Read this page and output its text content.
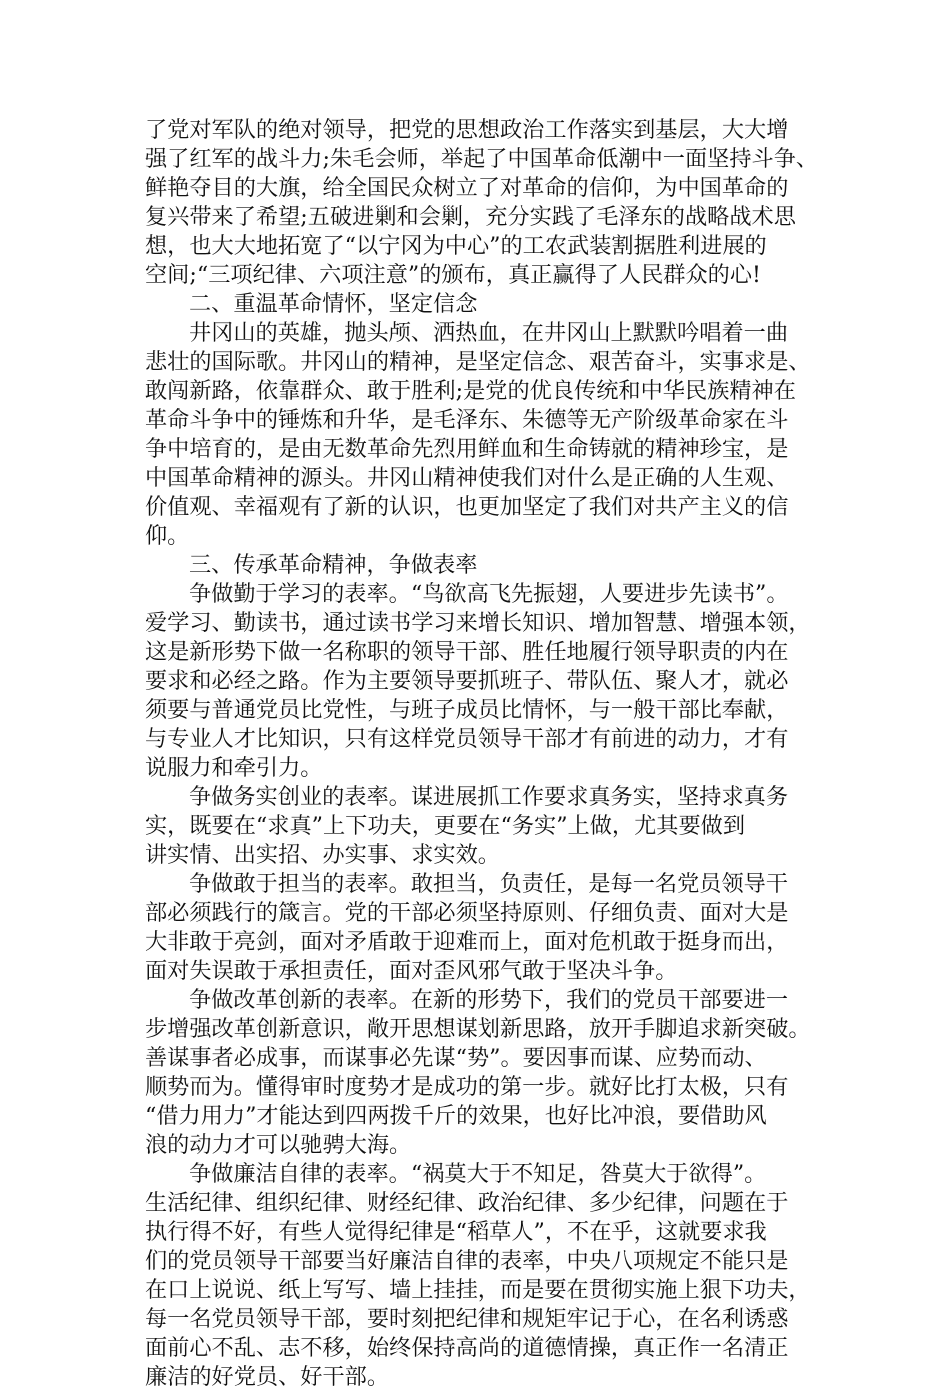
了党对军队的绝对领导，把党的思想政治工作落实到基层，大大增
强了红军的战斗力;朱毛会师，举起了中国革命低潮中一面坚持斗争、
鲜艳夺目的大旗，给全国民众树立了对革命的信仰，为中国革命的
复兴带来了希望;五破进剿和会剿，充分实践了毛泽东的战略战术思
想，也大大地拓宽了“以宁冈为中心”的工农武装割据胜利进展的
空间;“三项纪律、六项注意”的颁布，真正赢得了人民群众的心!
二、重温革命情怀，坚定信念
井冈山的英雄，抛头颅、洒热血，在井冈山上默默吟唱着一曲
悲壮的国际歌。井冈山的精神，是坚定信念、艰苦奋斗，实事求是、
敢闯新路，依靠群众、敢于胜利;是党的优良传统和中华民族精神在
革命斗争中的锤炼和升华，是毛泽东、朱德等无产阶级革命家在斗
争中培育的，是由无数革命先烈用鲜血和生命铸就的精神珍宝，是
中国革命精神的源头。井冈山精神使我们对什么是正确的人生观、
价值观、幸福观有了新的认识，也更加坚定了我们对共产主义的信
仰。
三、传承革命精神，争做表率
争做勤于学习的表率。“鸟欲高飞先振翅，人要进步先读书”。
爱学习、勤读书，通过读书学习来增长知识、增加智慧、增强本领，
这是新形势下做一名称职的领导干部、胜任地履行领导职责的内在
要求和必经之路。作为主要领导要抓班子、带队伍、聚人才，就必
须要与普通党员比党性，与班子成员比情怀，与一般干部比奉献，
与专业人才比知识，只有这样党员领导干部才有前进的动力，才有
说服力和牵引力。
争做务实创业的表率。谋进展抓工作要求真务实，坚持求真务
实，既要在“求真”上下功夫，更要在“务实”上做，尤其要做到
讲实情、出实招、办实事、求实效。
争做敢于担当的表率。敢担当，负责任，是每一名党员领导干
部必须践行的箴言。党的干部必须坚持原则、仔细负责、面对大是
大非敢于亮剑，面对矛盾敢于迎难而上，面对危机敢于挺身而出，
面对失误敢于承担责任，面对歪风邪气敢于坚决斗争。
争做改革创新的表率。在新的形势下，我们的党员干部要进一
步增强改革创新意识，敞开思想谋划新思路，放开手脚追求新突破。
善谋事者必成事，而谋事必先谋“势”。要因事而谋、应势而动、
顺势而为。懂得审时度势才是成功的第一步。就好比打太极，只有
“借力用力”才能达到四两拨千斤的效果，也好比冲浪，要借助风
浪的动力才可以驰骋大海。
争做廉洁自律的表率。“祸莫大于不知足，咎莫大于欲得”。
生活纪律、组织纪律、财经纪律、政治纪律、多少纪律，问题在于
执行得不好，有些人觉得纪律是“稻草人”，不在乎，这就要求我
们的党员领导干部要当好廉洁自律的表率，中央八项规定不能只是
在口上说说、纸上写写、墙上挂挂，而是要在贯彻实施上狠下功夫，
每一名党员领导干部，要时刻把纪律和规矩牢记于心，在名利诱惑
面前心不乱、志不移，始终保持高尚的道德情操，真正作一名清正
廉洁的好党员、好干部。
